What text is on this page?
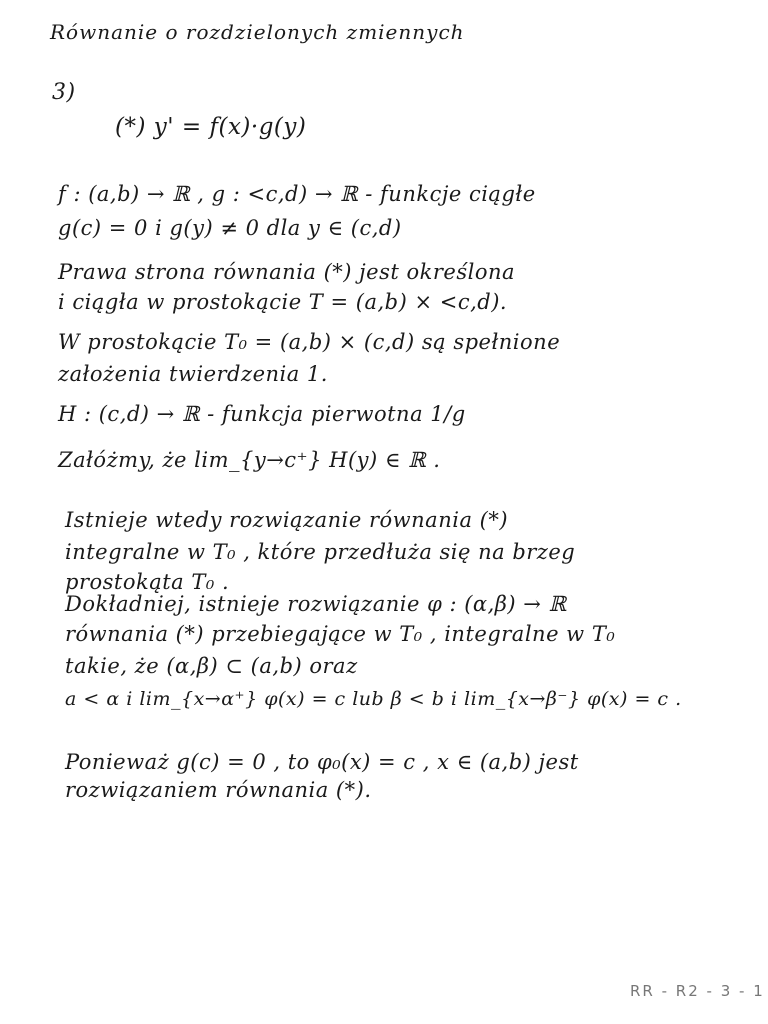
Równanie o rozdzielonych zmiennych
3)
(*) y' = f(x)·g(y)
f : (a,b) → ℝ , g : <c,d) → ℝ - funkcje ciągłe
g(c) = 0 i g(y) ≠ 0 dla y ∈ (c,d)
Prawa strona równania (*) jest określona
i ciągła w prostokącie T = (a,b) × <c,d).
W prostokącie T₀ = (a,b) × (c,d) są spełnione
założenia twierdzenia 1.
H : (c,d) → ℝ - funkcja pierwotna 1/g
Załóżmy, że lim_{y→c⁺} H(y) ∈ ℝ .
Istnieje wtedy rozwiązanie równania (*)
integralne w T₀ , które przedłuża się na brzeg
prostokąta T₀ .
Dokładniej, istnieje rozwiązanie φ : (α,β) → ℝ
równania (*) przebiegające w T₀ , integralne w T₀
takie, że (α,β) ⊂ (a,b) oraz
a < α i lim_{x→α⁺} φ(x) = c lub β < b i lim_{x→β⁻} φ(x) = c .
Ponieważ g(c) = 0 , to φ₀(x) = c , x ∈ (a,b) jest
rozwiązaniem równania (*).
RR - R2 - 3 - 1
